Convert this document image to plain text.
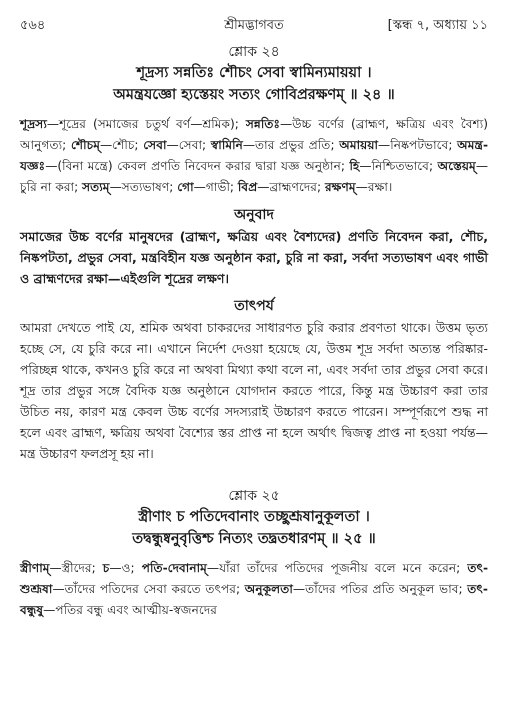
৫৬৪	শ্রীমদ্ভাগবত	[স্কন্ধ ৭, অধ্যায় ১১
শ্লোক ২৪
শূদ্রস্য সন্নতিঃ শৌচং সেবা স্বামিন্যমায়য়া ।
অমন্ত্রযজ্ঞো হ্যস্তেয়ং সত্যং গোবিপ্ররক্ষণম্ ॥ ২৪ ॥
শূদ্রস্য—শূদ্রের (সমাজের চতুর্থ বর্ণ—শ্রমিক); সন্নতিঃ—উচ্চ বর্ণের (ব্রাহ্মণ, ক্ষত্রিয় এবং বৈশ্য) আনুগত্য; শৌচম্—শৌচ; সেবা—সেবা; স্বামিনি—তার প্রভুর প্রতি; অমায়য়া—নিষ্কপটভাবে; অমন্ত্র-যজ্ঞঃ—(বিনা মন্ত্রে) কেবল প্রণতি নিবেদন করার দ্বারা যজ্ঞ অনুষ্ঠান; হি—নিশ্চিতভাবে; অস্তেয়ম্—চুরি না করা; সত্যম্—সত্যভাষণ; গো—গাভী; বিপ্র—ব্রাহ্মণদের; রক্ষণম্—রক্ষা।
অনুবাদ
সমাজের উচ্চ বর্ণের মানুষদের (ব্রাহ্মণ, ক্ষত্রিয় এবং বৈশ্যদের) প্রণতি নিবেদন করা, শৌচ, নিষ্কপটতা, প্রভুর সেবা, মন্ত্রবিহীন যজ্ঞ অনুষ্ঠান করা, চুরি না করা, সর্বদা সত্যভাষণ এবং গাভী ও ব্রাহ্মণদের রক্ষা—এইগুলি শূদ্রের লক্ষণ।
তাৎপর্য
আমরা দেখতে পাই যে, শ্রমিক অথবা চাকরদের সাধারণত চুরি করার প্রবণতা থাকে। উত্তম ভৃত্য হচ্ছে সে, যে চুরি করে না। এখানে নির্দেশ দেওয়া হয়েছে যে, উত্তম শূদ্র সর্বদা অত্যন্ত পরিষ্কার-পরিচ্ছন্ন থাকে, কখনও চুরি করে না অথবা মিথ্যা কথা বলে না, এবং সর্বদা তার প্রভুর সেবা করে। শূদ্র তার প্রভুর সঙ্গে বৈদিক যজ্ঞ অনুষ্ঠানে যোগদান করতে পারে, কিন্তু মন্ত্র উচ্চারণ করা তার উচিত নয়, কারণ মন্ত্র কেবল উচ্চ বর্ণের সদস্যরাই উচ্চারণ করতে পারেন। সম্পূর্ণরূপে শুদ্ধ না হলে এবং ব্রাহ্মণ, ক্ষত্রিয় অথবা বৈশ্যের স্তর প্রাপ্ত না হলে অর্থাৎ দ্বিজত্ব প্রাপ্ত না হওয়া পর্যন্ত—মন্ত্র উচ্চারণ ফলপ্রসূ হয় না।
শ্লোক ২৫
স্ত্রীণাং চ পতিদেবানাং তচ্ছুশ্রূষানুকূলতা ।
তদ্বন্ধুষ্বনুবৃত্তিশ্চ নিত্যং তদ্ব্রতধারণম্ ॥ ২৫ ॥
স্ত্রীণাম্—স্ত্রীদের; চ—ও; পতি-দেবানাম্—যাঁরা তাঁদের পতিদের পূজনীয় বলে মনে করেন; তৎ-শুশ্রূষা—তাঁদের পতিদের সেবা করতে তৎপর; অনুকূলতা—তাঁদের পতির প্রতি অনুকূল ভাব; তৎ-বন্ধুষু—পতির বন্ধু এবং আত্মীয়-স্বজনদের
